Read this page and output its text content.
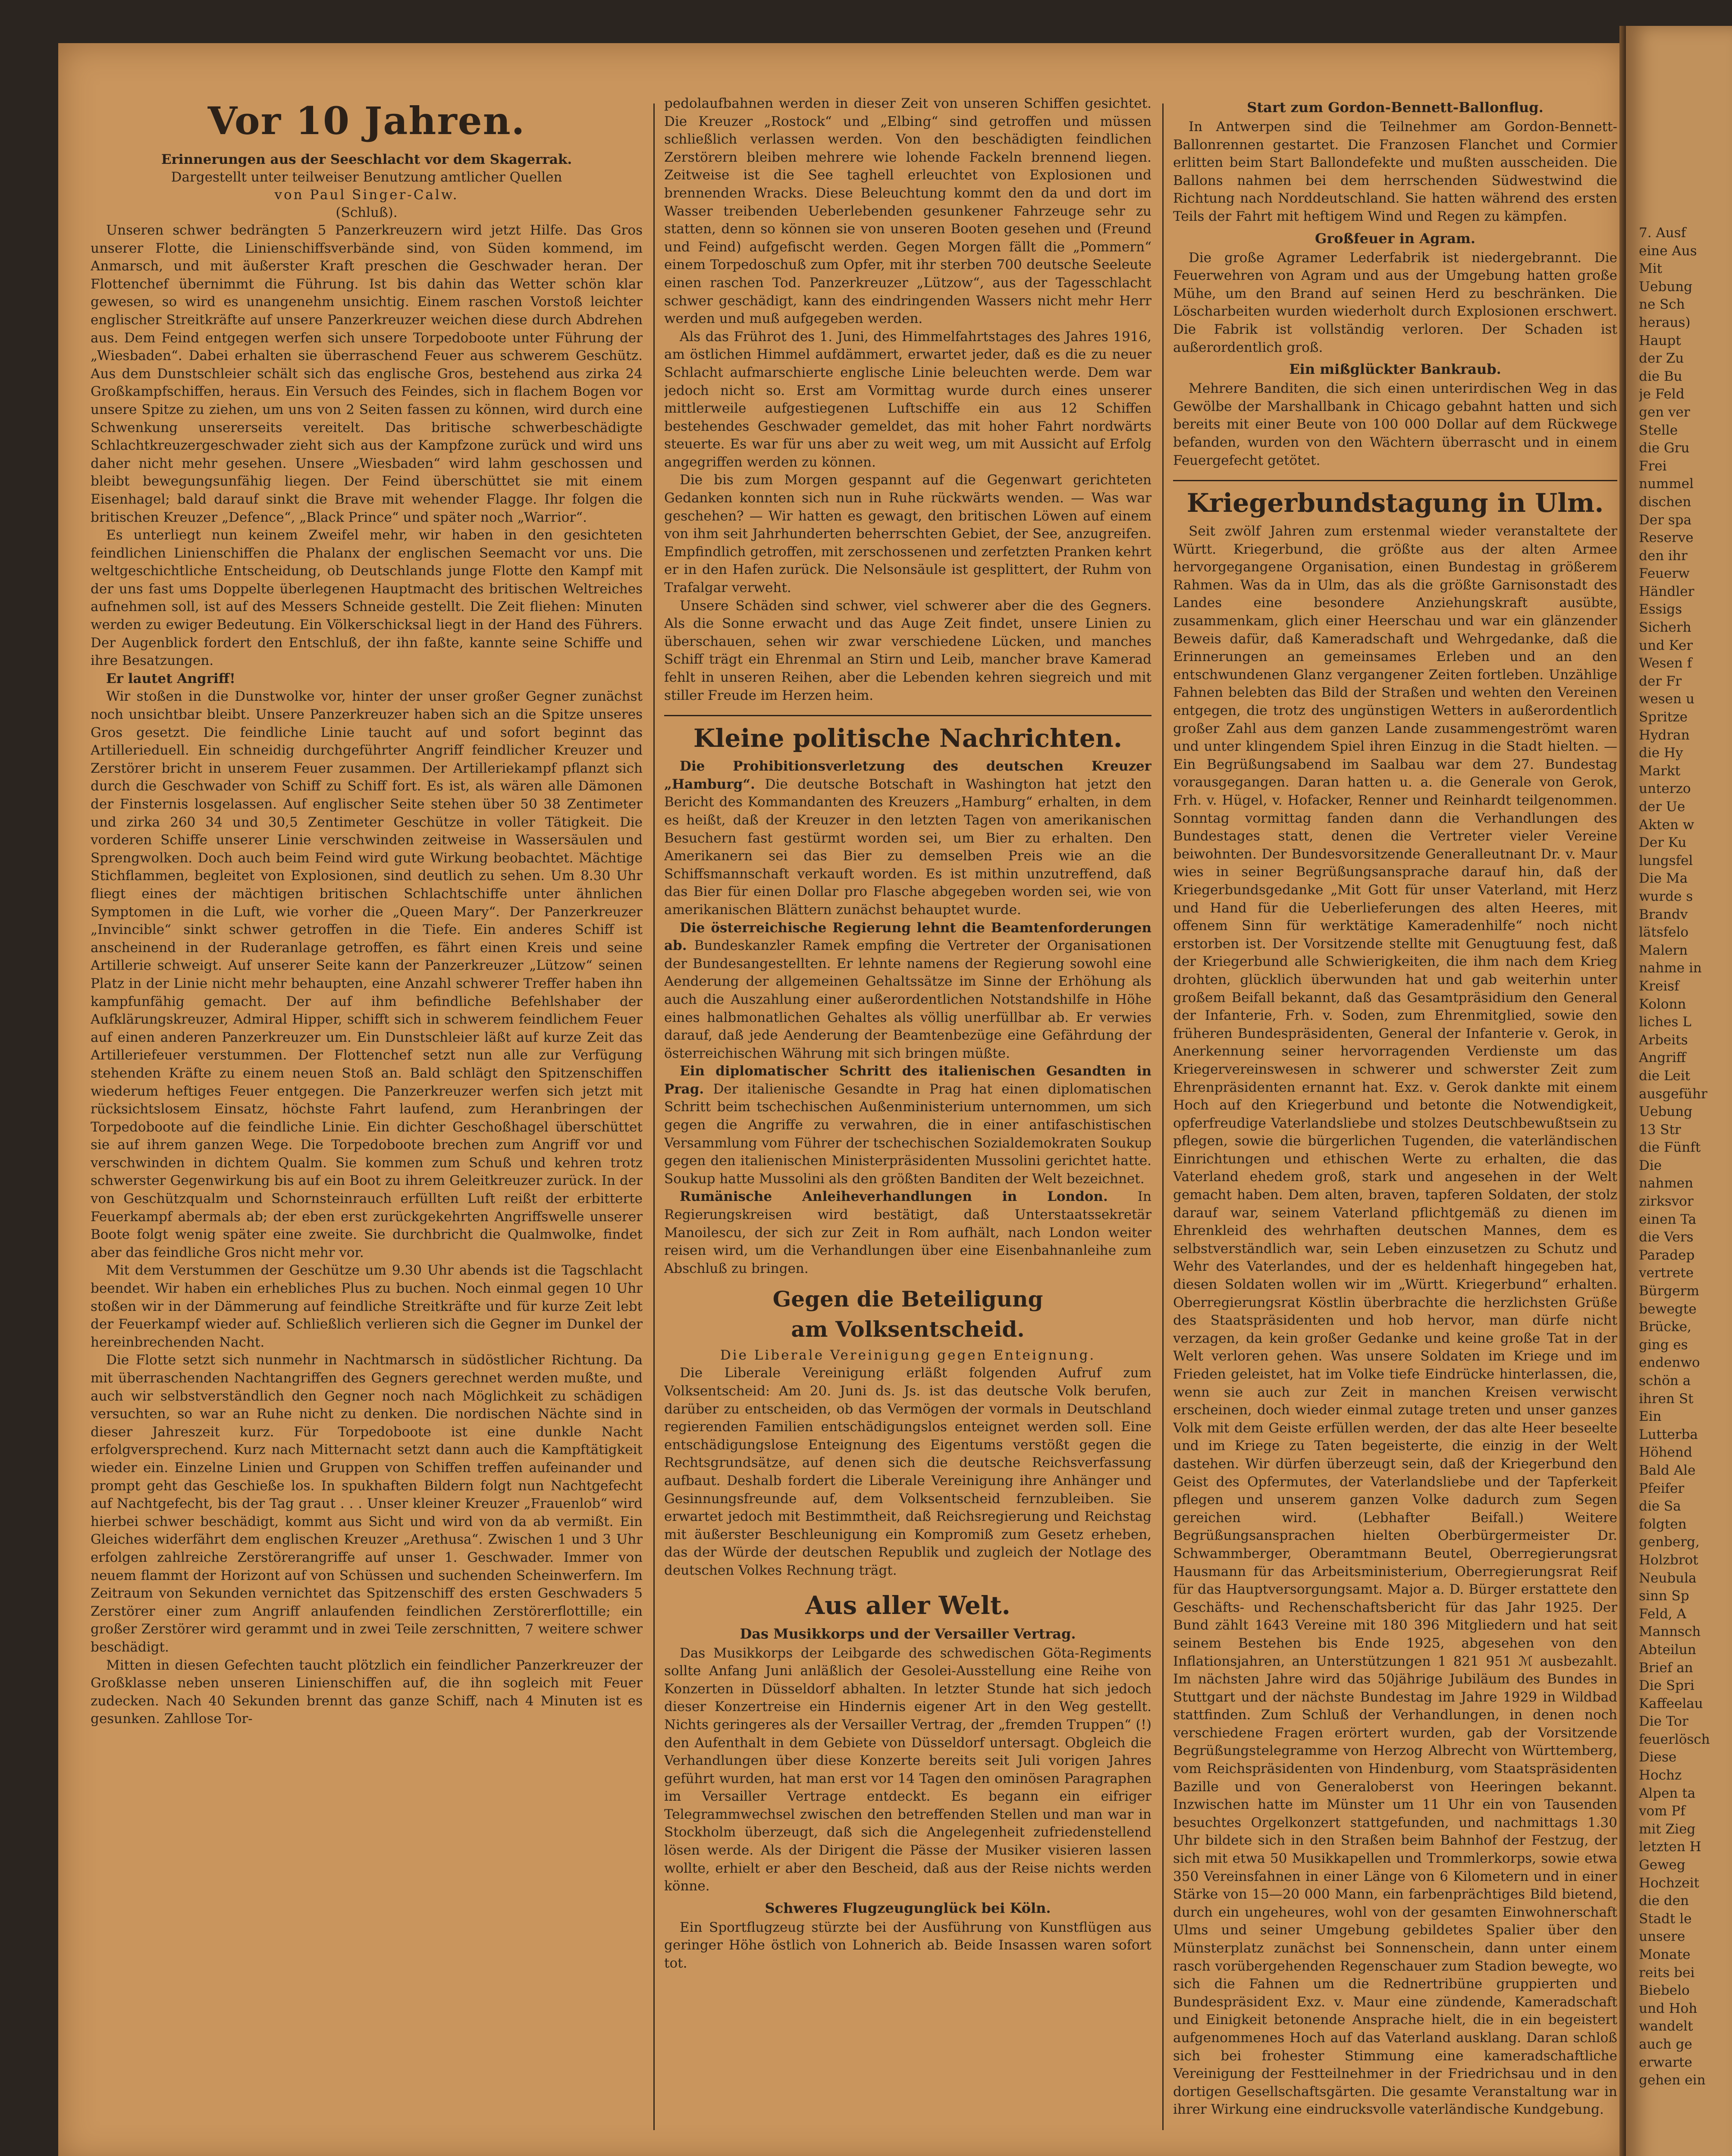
Vor 10 Jahren.
Erinnerungen aus der Seeschlacht vor dem Skagerrak.
Dargestellt unter teilweiser Benutzung amtlicher Quellen
von Paul Singer-Calw.
(Schluß).

Unseren schwer bedrängten 5 Panzerkreuzern wird jetzt Hilfe. Das Gros unserer Flotte, die Linienschiffsverbände sind, von Süden kommend, im Anmarsch, und mit äußerster Kraft preschen die Geschwader heran. Der Flottenchef übernimmt die Führung. Ist bis dahin das Wetter schön klar gewesen, so wird es unangenehm unsichtig. Einem raschen Vorstoß leichter englischer Streitkräfte auf unsere Panzerkreuzer weichen diese durch Abdrehen aus. Dem Feind entgegen werfen sich unsere Torpedoboote unter Führung der „Wiesbaden“. Dabei erhalten sie überraschend Feuer aus schwerem Geschütz. Aus dem Dunstschleier schält sich das englische Gros, bestehend aus zirka 24 Großkampfschiffen, heraus. Ein Versuch des Feindes, sich in flachem Bogen vor unsere Spitze zu ziehen, um uns von 2 Seiten fassen zu können, wird durch eine Schwenkung unsererseits vereitelt. Das britische schwerbeschädigte Schlachtkreuzergeschwader zieht sich aus der Kampfzone zurück und wird uns daher nicht mehr gesehen. Unsere „Wiesbaden“ wird lahm geschossen und bleibt bewegungsunfähig liegen. Der Feind überschüttet sie mit einem Eisenhagel; bald darauf sinkt die Brave mit wehender Flagge. Ihr folgen die britischen Kreuzer „Defence“, „Black Prince“ und später noch „Warrior“.

Es unterliegt nun keinem Zweifel mehr, wir haben in den gesichteten feindlichen Linienschiffen die Phalanx der englischen Seemacht vor uns. Die weltgeschichtliche Entscheidung, ob Deutschlands junge Flotte den Kampf mit der uns fast ums Doppelte überlegenen Hauptmacht des britischen Weltreiches aufnehmen soll, ist auf des Messers Schneide gestellt. Die Zeit fliehen: Minuten werden zu ewiger Bedeutung. Ein Völkerschicksal liegt in der Hand des Führers. Der Augenblick fordert den Entschluß, der ihn faßte, kannte seine Schiffe und ihre Besatzungen.

Er lautet Angriff!

Wir stoßen in die Dunstwolke vor, hinter der unser großer Gegner zunächst noch unsichtbar bleibt. Unsere Panzerkreuzer haben sich an die Spitze unseres Gros gesetzt. Die feindliche Linie taucht auf und sofort beginnt das Artillerieduell. Ein schneidig durchgeführter Angriff feindlicher Kreuzer und Zerstörer bricht in unserem Feuer zusammen. Der Artilleriekampf pflanzt sich durch die Geschwader von Schiff zu Schiff fort. Es ist, als wären alle Dämonen der Finsternis losgelassen. Auf englischer Seite stehen über 50 38 Zentimeter und zirka 260 34 und 30,5 Zentimeter Geschütze in voller Tätigkeit. Die vorderen Schiffe unserer Linie verschwinden zeitweise in Wassersäulen und Sprengwolken. Doch auch beim Feind wird gute Wirkung beobachtet. Mächtige Stichflammen, begleitet von Explosionen, sind deutlich zu sehen. Um 8.30 Uhr fliegt eines der mächtigen britischen Schlachtschiffe unter ähnlichen Symptomen in die Luft, wie vorher die „Queen Mary“. Der Panzerkreuzer „Invincible“ sinkt schwer getroffen in die Tiefe. Ein anderes Schiff ist anscheinend in der Ruderanlage getroffen, es fährt einen Kreis und seine Artillerie schweigt. Auf unserer Seite kann der Panzerkreuzer „Lützow“ seinen Platz in der Linie nicht mehr behaupten, eine Anzahl schwerer Treffer haben ihn kampfunfähig gemacht. Der auf ihm befindliche Befehlshaber der Aufklärungskreuzer, Admiral Hipper, schifft sich in schwerem feindlichem Feuer auf einen anderen Panzerkreuzer um. Ein Dunstschleier läßt auf kurze Zeit das Artilleriefeuer verstummen. Der Flottenchef setzt nun alle zur Verfügung stehenden Kräfte zu einem neuen Stoß an. Bald schlägt den Spitzenschiffen wiederum heftiges Feuer entgegen. Die Panzerkreuzer werfen sich jetzt mit rücksichtslosem Einsatz, höchste Fahrt laufend, zum Heranbringen der Torpedoboote auf die feindliche Linie. Ein dichter Geschoßhagel überschüttet sie auf ihrem ganzen Wege. Die Torpedoboote brechen zum Angriff vor und verschwinden in dichtem Qualm. Sie kommen zum Schuß und kehren trotz schwerster Gegenwirkung bis auf ein Boot zu ihrem Geleitkreuzer zurück. In der von Geschützqualm und Schornsteinrauch erfüllten Luft reißt der erbitterte Feuerkampf abermals ab; der eben erst zurückgekehrten Angriffswelle unserer Boote folgt wenig später eine zweite. Sie durchbricht die Qualmwolke, findet aber das feindliche Gros nicht mehr vor.

Mit dem Verstummen der Geschütze um 9.30 Uhr abends ist die Tagschlacht beendet. Wir haben ein erhebliches Plus zu buchen. Noch einmal gegen 10 Uhr stoßen wir in der Dämmerung auf feindliche Streitkräfte und für kurze Zeit lebt der Feuerkampf wieder auf. Schließlich verlieren sich die Gegner im Dunkel der hereinbrechenden Nacht.

Die Flotte setzt sich nunmehr in Nachtmarsch in südöstlicher Richtung. Da mit überraschenden Nachtangriffen des Gegners gerechnet werden mußte, und auch wir selbstverständlich den Gegner noch nach Möglichkeit zu schädigen versuchten, so war an Ruhe nicht zu denken. Die nordischen Nächte sind in dieser Jahreszeit kurz. Für Torpedoboote ist eine dunkle Nacht erfolgversprechend. Kurz nach Mitternacht setzt dann auch die Kampftätigkeit wieder ein. Einzelne Linien und Gruppen von Schiffen treffen aufeinander und prompt geht das Geschieße los. In spukhaften Bildern folgt nun Nachtgefecht auf Nachtgefecht, bis der Tag graut . . . Unser kleiner Kreuzer „Frauenlob“ wird hierbei schwer beschädigt, kommt aus Sicht und wird von da ab vermißt. Ein Gleiches widerfährt dem englischen Kreuzer „Arethusa“. Zwischen 1 und 3 Uhr erfolgen zahlreiche Zerstörerangriffe auf unser 1. Geschwader. Immer von neuem flammt der Horizont auf von Schüssen und suchenden Scheinwerfern. Im Zeitraum von Sekunden vernichtet das Spitzenschiff des ersten Geschwaders 5 Zerstörer einer zum Angriff anlaufenden feindlichen Zerstörerflottille; ein großer Zerstörer wird gerammt und in zwei Teile zerschnitten, 7 weitere schwer beschädigt.

Mitten in diesen Gefechten taucht plötzlich ein feindlicher Panzerkreuzer der Großklasse neben unseren Linienschiffen auf, die ihn sogleich mit Feuer zudecken. Nach 40 Sekunden brennt das ganze Schiff, nach 4 Minuten ist es gesunken. Zahllose Tor-

pedolaufbahnen werden in dieser Zeit von unseren Schiffen gesichtet. Die Kreuzer „Rostock“ und „Elbing“ sind getroffen und müssen schließlich verlassen werden. Von den beschädigten feindlichen Zerstörern bleiben mehrere wie lohende Fackeln brennend liegen. Zeitweise ist die See taghell erleuchtet von Explosionen und brennenden Wracks. Diese Beleuchtung kommt den da und dort im Wasser treibenden Ueberlebenden gesunkener Fahrzeuge sehr zu statten, denn so können sie von unseren Booten gesehen und (Freund und Feind) aufgefischt werden. Gegen Morgen fällt die „Pommern“ einem Torpedoschuß zum Opfer, mit ihr sterben 700 deutsche Seeleute einen raschen Tod. Panzerkreuzer „Lützow“, aus der Tagesschlacht schwer geschädigt, kann des eindringenden Wassers nicht mehr Herr werden und muß aufgegeben werden.

Als das Frührot des 1. Juni, des Himmelfahrtstages des Jahres 1916, am östlichen Himmel aufdämmert, erwartet jeder, daß es die zu neuer Schlacht aufmarschierte englische Linie beleuchten werde. Dem war jedoch nicht so. Erst am Vormittag wurde durch eines unserer mittlerweile aufgestiegenen Luftschiffe ein aus 12 Schiffen bestehendes Geschwader gemeldet, das mit hoher Fahrt nordwärts steuerte. Es war für uns aber zu weit weg, um mit Aussicht auf Erfolg angegriffen werden zu können.

Die bis zum Morgen gespannt auf die Gegenwart gerichteten Gedanken konnten sich nun in Ruhe rückwärts wenden. — Was war geschehen? — Wir hatten es gewagt, den britischen Löwen auf einem von ihm seit Jahrhunderten beherrschten Gebiet, der See, anzugreifen. Empfindlich getroffen, mit zerschossenen und zerfetzten Pranken kehrt er in den Hafen zurück. Die Nelsonsäule ist gesplittert, der Ruhm von Trafalgar verweht.

Unsere Schäden sind schwer, viel schwerer aber die des Gegners. Als die Sonne erwacht und das Auge Zeit findet, unsere Linien zu überschauen, sehen wir zwar verschiedene Lücken, und manches Schiff trägt ein Ehrenmal an Stirn und Leib, mancher brave Kamerad fehlt in unseren Reihen, aber die Lebenden kehren siegreich und mit stiller Freude im Herzen heim.

Kleine politische Nachrichten.

Die Prohibitionsverletzung des deutschen Kreuzer „Hamburg“. Die deutsche Botschaft in Washington hat jetzt den Bericht des Kommandanten des Kreuzers „Hamburg“ erhalten, in dem es heißt, daß der Kreuzer in den letzten Tagen von amerikanischen Besuchern fast gestürmt worden sei, um Bier zu erhalten. Den Amerikanern sei das Bier zu demselben Preis wie an die Schiffsmannschaft verkauft worden. Es ist mithin unzutreffend, daß das Bier für einen Dollar pro Flasche abgegeben worden sei, wie von amerikanischen Blättern zunächst behauptet wurde.

Die österreichische Regierung lehnt die Beamtenforderungen ab. Bundeskanzler Ramek empfing die Vertreter der Organisationen der Bundesangestellten. Er lehnte namens der Regierung sowohl eine Aenderung der allgemeinen Gehaltssätze im Sinne der Erhöhung als auch die Auszahlung einer außerordentlichen Notstandshilfe in Höhe eines halbmonatlichen Gehaltes als völlig unerfüllbar ab. Er verwies darauf, daß jede Aenderung der Beamtenbezüge eine Gefährdung der österreichischen Währung mit sich bringen müßte.

Ein diplomatischer Schritt des italienischen Gesandten in Prag. Der italienische Gesandte in Prag hat einen diplomatischen Schritt beim tschechischen Außenministerium unternommen, um sich gegen die Angriffe zu verwahren, die in einer antifaschistischen Versammlung vom Führer der tschechischen Sozialdemokraten Soukup gegen den italienischen Ministerpräsidenten Mussolini gerichtet hatte. Soukup hatte Mussolini als den größten Banditen der Welt bezeichnet.

Rumänische Anleiheverhandlungen in London. In Regierungskreisen wird bestätigt, daß Unterstaatssekretär Manoilescu, der sich zur Zeit in Rom aufhält, nach London weiter reisen wird, um die Verhandlungen über eine Eisenbahnanleihe zum Abschluß zu bringen.

Gegen die Beteiligung
am Volksentscheid.
Die Liberale Vereinigung gegen Enteignung.

Die Liberale Vereinigung erläßt folgenden Aufruf zum Volksentscheid: Am 20. Juni ds. Js. ist das deutsche Volk berufen, darüber zu entscheiden, ob das Vermögen der vormals in Deutschland regierenden Familien entschädigungslos enteignet werden soll. Eine entschädigungslose Enteignung des Eigentums verstößt gegen die Rechtsgrundsätze, auf denen sich die deutsche Reichsverfassung aufbaut. Deshalb fordert die Liberale Vereinigung ihre Anhänger und Gesinnungsfreunde auf, dem Volksentscheid fernzubleiben. Sie erwartet jedoch mit Bestimmtheit, daß Reichsregierung und Reichstag mit äußerster Beschleunigung ein Kompromiß zum Gesetz erheben, das der Würde der deutschen Republik und zugleich der Notlage des deutschen Volkes Rechnung trägt.

Aus aller Welt.
Das Musikkorps und der Versailler Vertrag.

Das Musikkorps der Leibgarde des schwedischen Göta-Regiments sollte Anfang Juni anläßlich der Gesolei-Ausstellung eine Reihe von Konzerten in Düsseldorf abhalten. In letzter Stunde hat sich jedoch dieser Konzertreise ein Hindernis eigener Art in den Weg gestellt. Nichts geringeres als der Versailler Vertrag, der „fremden Truppen“ (!) den Aufenthalt in dem Gebiete von Düsseldorf untersagt. Obgleich die Verhandlungen über diese Konzerte bereits seit Juli vorigen Jahres geführt wurden, hat man erst vor 14 Tagen den ominösen Paragraphen im Versailler Vertrage entdeckt. Es begann ein eifriger Telegrammwechsel zwischen den betreffenden Stellen und man war in Stockholm überzeugt, daß sich die Angelegenheit zufriedenstellend lösen werde. Als der Dirigent die Pässe der Musiker visieren lassen wollte, erhielt er aber den Bescheid, daß aus der Reise nichts werden könne.

Schweres Flugzeugunglück bei Köln.

Ein Sportflugzeug stürzte bei der Ausführung von Kunstflügen aus geringer Höhe östlich von Lohnerich ab. Beide Insassen waren sofort tot.

Start zum Gordon-Bennett-Ballonflug.

In Antwerpen sind die Teilnehmer am Gordon-Bennett-Ballonrennen gestartet. Die Franzosen Flanchet und Cormier erlitten beim Start Ballondefekte und mußten ausscheiden. Die Ballons nahmen bei dem herrschenden Südwestwind die Richtung nach Norddeutschland. Sie hatten während des ersten Teils der Fahrt mit heftigem Wind und Regen zu kämpfen.

Großfeuer in Agram.

Die große Agramer Lederfabrik ist niedergebrannt. Die Feuerwehren von Agram und aus der Umgebung hatten große Mühe, um den Brand auf seinen Herd zu beschränken. Die Löscharbeiten wurden wiederholt durch Explosionen erschwert. Die Fabrik ist vollständig verloren. Der Schaden ist außerordentlich groß.

Ein mißglückter Bankraub.

Mehrere Banditen, die sich einen unterirdischen Weg in das Gewölbe der Marshallbank in Chicago gebahnt hatten und sich bereits mit einer Beute von 100 000 Dollar auf dem Rückwege befanden, wurden von den Wächtern überrascht und in einem Feuergefecht getötet.

Kriegerbundstagung in Ulm.

Seit zwölf Jahren zum erstenmal wieder veranstaltete der Württ. Kriegerbund, die größte aus der alten Armee hervorgegangene Organisation, einen Bundestag in größerem Rahmen. Was da in Ulm, das als die größte Garnisonstadt des Landes eine besondere Anziehungskraft ausübte, zusammenkam, glich einer Heerschau und war ein glänzender Beweis dafür, daß Kameradschaft und Wehrgedanke, daß die Erinnerungen an gemeinsames Erleben und an den entschwundenen Glanz vergangener Zeiten fortleben. Unzählige Fahnen belebten das Bild der Straßen und wehten den Vereinen entgegen, die trotz des ungünstigen Wetters in außerordentlich großer Zahl aus dem ganzen Lande zusammengeströmt waren und unter klingendem Spiel ihren Einzug in die Stadt hielten. — Ein Begrüßungsabend im Saalbau war dem 27. Bundestag vorausgegangen. Daran hatten u. a. die Generale von Gerok, Frh. v. Hügel, v. Hofacker, Renner und Reinhardt teilgenommen. Sonntag vormittag fanden dann die Verhandlungen des Bundestages statt, denen die Vertreter vieler Vereine beiwohnten. Der Bundesvorsitzende Generalleutnant Dr. v. Maur wies in seiner Begrüßungsansprache darauf hin, daß der Kriegerbundsgedanke „Mit Gott für unser Vaterland, mit Herz und Hand für die Ueberlieferungen des alten Heeres, mit offenem Sinn für werktätige Kameradenhilfe“ noch nicht erstorben ist. Der Vorsitzende stellte mit Genugtuung fest, daß der Kriegerbund alle Schwierigkeiten, die ihm nach dem Krieg drohten, glücklich überwunden hat und gab weiterhin unter großem Beifall bekannt, daß das Gesamtpräsidium den General der Infanterie, Frh. v. Soden, zum Ehrenmitglied, sowie den früheren Bundespräsidenten, General der Infanterie v. Gerok, in Anerkennung seiner hervorragenden Verdienste um das Kriegervereinswesen in schwerer und schwerster Zeit zum Ehrenpräsidenten ernannt hat. Exz. v. Gerok dankte mit einem Hoch auf den Kriegerbund und betonte die Notwendigkeit, opferfreudige Vaterlandsliebe und stolzes Deutschbewußtsein zu pflegen, sowie die bürgerlichen Tugenden, die vaterländischen Einrichtungen und ethischen Werte zu erhalten, die das Vaterland ehedem groß, stark und angesehen in der Welt gemacht haben. Dem alten, braven, tapferen Soldaten, der stolz darauf war, seinem Vaterland pflichtgemäß zu dienen im Ehrenkleid des wehrhaften deutschen Mannes, dem es selbstverständlich war, sein Leben einzusetzen zu Schutz und Wehr des Vaterlandes, und der es heldenhaft hingegeben hat, diesen Soldaten wollen wir im „Württ. Kriegerbund“ erhalten. Oberregierungsrat Köstlin überbrachte die herzlichsten Grüße des Staatspräsidenten und hob hervor, man dürfe nicht verzagen, da kein großer Gedanke und keine große Tat in der Welt verloren gehen. Was unsere Soldaten im Kriege und im Frieden geleistet, hat im Volke tiefe Eindrücke hinterlassen, die, wenn sie auch zur Zeit in manchen Kreisen verwischt erscheinen, doch wieder einmal zutage treten und unser ganzes Volk mit dem Geiste erfüllen werden, der das alte Heer beseelte und im Kriege zu Taten begeisterte, die einzig in der Welt dastehen. Wir dürfen überzeugt sein, daß der Kriegerbund den Geist des Opfermutes, der Vaterlandsliebe und der Tapferkeit pflegen und unserem ganzen Volke dadurch zum Segen gereichen wird. (Lebhafter Beifall.) Weitere Begrüßungsansprachen hielten Oberbürgermeister Dr. Schwammberger, Oberamtmann Beutel, Oberregierungsrat Hausmann für das Arbeitsministerium, Oberregierungsrat Reif für das Hauptversorgungsamt. Major a. D. Bürger erstattete den Geschäfts- und Rechenschaftsbericht für das Jahr 1925. Der Bund zählt 1643 Vereine mit 180 396 Mitgliedern und hat seit seinem Bestehen bis Ende 1925, abgesehen von den Inflationsjahren, an Unterstützungen 1 821 951 ℳ ausbezahlt. Im nächsten Jahre wird das 50jährige Jubiläum des Bundes in Stuttgart und der nächste Bundestag im Jahre 1929 in Wildbad stattfinden. Zum Schluß der Verhandlungen, in denen noch verschiedene Fragen erörtert wurden, gab der Vorsitzende Begrüßungstelegramme von Herzog Albrecht von Württemberg, vom Reichspräsidenten von Hindenburg, vom Staatspräsidenten Bazille und von Generaloberst von Heeringen bekannt. Inzwischen hatte im Münster um 11 Uhr ein von Tausenden besuchtes Orgelkonzert stattgefunden, und nachmittags 1.30 Uhr bildete sich in den Straßen beim Bahnhof der Festzug, der sich mit etwa 50 Musikkapellen und Trommlerkorps, sowie etwa 350 Vereinsfahnen in einer Länge von 6 Kilometern und in einer Stärke von 15—20 000 Mann, ein farbenprächtiges Bild bietend, durch ein ungeheures, wohl von der gesamten Einwohnerschaft Ulms und seiner Umgebung gebildetes Spalier über den Münsterplatz zunächst bei Sonnenschein, dann unter einem rasch vorübergehenden Regenschauer zum Stadion bewegte, wo sich die Fahnen um die Rednertribüne gruppierten und Bundespräsident Exz. v. Maur eine zündende, Kameradschaft und Einigkeit betonende Ansprache hielt, die in ein begeistert aufgenommenes Hoch auf das Vaterland ausklang. Daran schloß sich bei frohester Stimmung eine kameradschaftliche Vereinigung der Festteilnehmer in der Friedrichsau und in den dortigen Gesellschaftsgärten. Die gesamte Veranstaltung war in ihrer Wirkung eine eindrucksvolle vaterländische Kundgebung.

7. Ausf
eine Aus
Mit
Uebung
ne Sch
heraus)
Haupt
der Zu
die Bu
je Feld
gen ver
Stelle
die Gru
Frei
nummel
dischen
Der spa
Reserve
den ihr
Feuerw
Händler
Essigs
Sicherh
und Ker
Wesen f
der Fr
wesen u
Spritze
Hydran
die Hy
Markt
unterzo
der Ue
Akten w
Der Ku
lungsfel
Die Ma
wurde s
Brandv
lätsfelo
Malern
nahme in
Kreisf
Kolonn
liches L
Arbeits
Angriff
die Leit
ausgeführ
Uebung
13 Str
die Fünft
Die
nahmen
zirksvor
einen Ta
die Vers
Paradep
vertrete
Bürgerm
bewegte
Brücke,
ging es
endenwo
schön a
ihren St
Ein
Lutterba
Höhend
Bald Ale
Pfeifer
die Sa
folgten
genberg,
Holzbrot
Neubula
sinn Sp
Feld, A
Mannsch
Abteilun
Brief an
Die Spri
Kaffeelau
Die Tor
feuerlösch
Diese
Hochz
Alpen ta
vom Pf
mit Zieg
letzten H
Geweg
Hochzeit
die den
Stadt le
unsere
Monate
reits bei
Biebelo
und Hoh
wandelt
auch ge
erwarte
gehen ein
